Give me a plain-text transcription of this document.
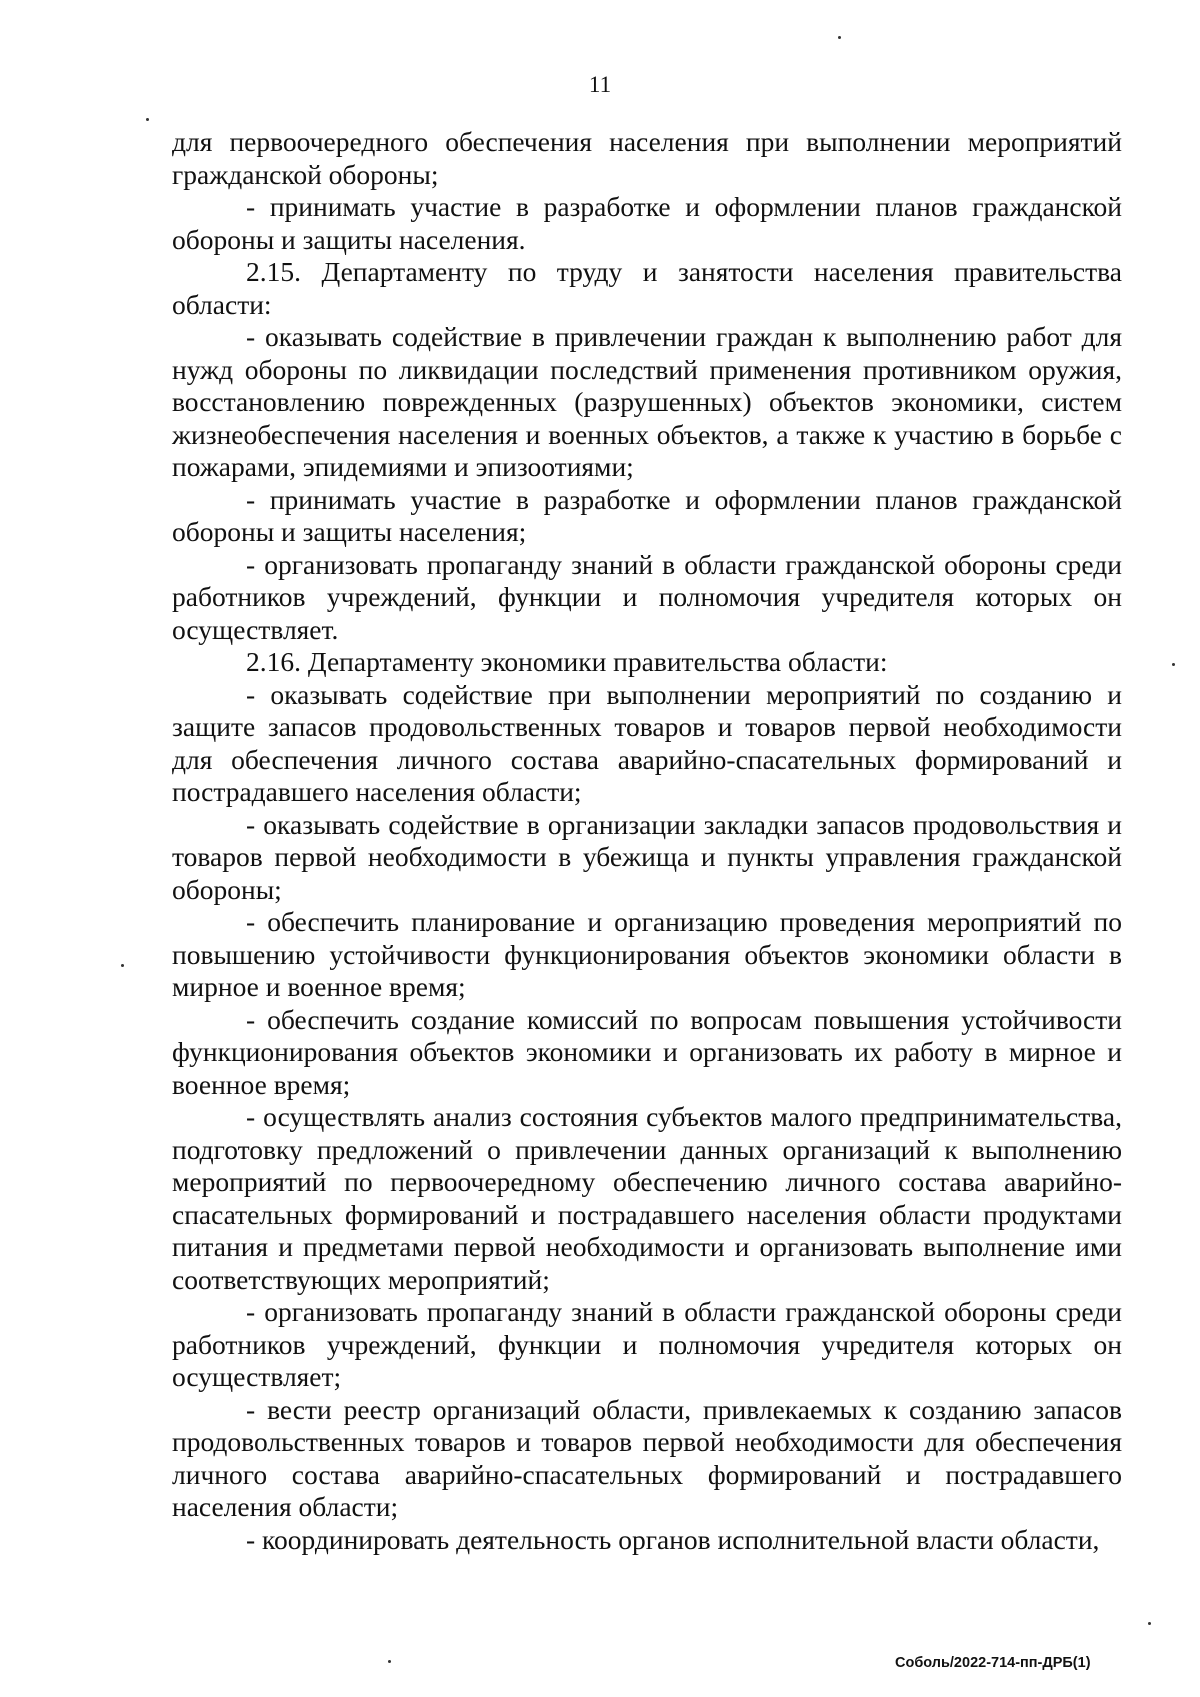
11

для первоочередного обеспечения населения при выполнении мероприятий гражданской обороны;

- принимать участие в разработке и оформлении планов гражданской обороны и защиты населения.

2.15. Департаменту по труду и занятости населения правительства области:

- оказывать содействие в привлечении граждан к выполнению работ для нужд обороны по ликвидации последствий применения противником оружия, восстановлению поврежденных (разрушенных) объектов экономики, систем жизнеобеспечения населения и военных объектов, а также к участию в борьбе с пожарами, эпидемиями и эпизоотиями;

- принимать участие в разработке и оформлении планов гражданской обороны и защиты населения;

- организовать пропаганду знаний в области гражданской обороны среди работников учреждений, функции и полномочия учредителя которых он осуществляет.

2.16. Департаменту экономики правительства области:

- оказывать содействие при выполнении мероприятий по созданию и защите запасов продовольственных товаров и товаров первой необходимости для обеспечения личного состава аварийно-спасательных формирований и пострадавшего населения области;

- оказывать содействие в организации закладки запасов продовольствия и товаров первой необходимости в убежища и пункты управления гражданской обороны;

- обеспечить планирование и организацию проведения мероприятий по повышению устойчивости функционирования объектов экономики области в мирное и военное время;

- обеспечить создание комиссий по вопросам повышения устойчивости функционирования объектов экономики и организовать их работу в мирное и военное время;

- осуществлять анализ состояния субъектов малого предпринимательства, подготовку предложений о привлечении данных организаций к выполнению мероприятий по первоочередному обеспечению личного состава аварийно-спасательных формирований и пострадавшего населения области продуктами питания и предметами первой необходимости и организовать выполнение ими соответствующих мероприятий;

- организовать пропаганду знаний в области гражданской обороны среди работников учреждений, функции и полномочия учредителя которых он осуществляет;

- вести реестр организаций области, привлекаемых к созданию запасов продовольственных товаров и товаров первой необходимости для обеспечения личного состава аварийно-спасательных формирований и пострадавшего населения области;

- координировать деятельность органов исполнительной власти области,

Соболь/2022-714-пп-ДРБ(1)
